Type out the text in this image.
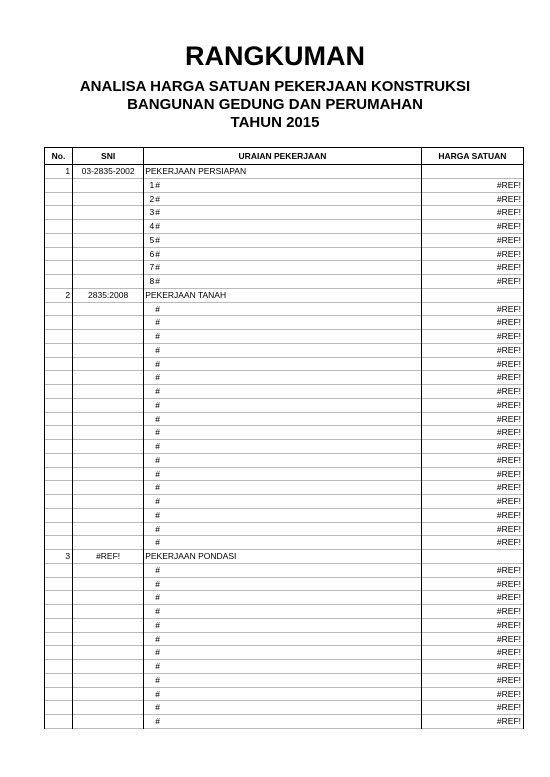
RANGKUMAN
ANALISA HARGA SATUAN PEKERJAAN KONSTRUKSI
BANGUNAN GEDUNG DAN PERUMAHAN
TAHUN 2015
No.	SNI	URAIAN PEKERJAAN	HARGA SATUAN
1	03-2835-2002	PEKERJAAN PERSIAPAN	
		1#	#REF!
		2#	#REF!
		3#	#REF!
		4#	#REF!
		5#	#REF!
		6#	#REF!
		7#	#REF!
		8#	#REF!
2	2835:2008	PEKERJAAN TANAH	
		#	#REF!
		#	#REF!
		#	#REF!
		#	#REF!
		#	#REF!
		#	#REF!
		#	#REF!
		#	#REF!
		#	#REF!
		#	#REF!
		#	#REF!
		#	#REF!
		#	#REF!
		#	#REF!
		#	#REF!
		#	#REF!
		#	#REF!
		#	#REF!
3	#REF!	PEKERJAAN PONDASI	
		#	#REF!
		#	#REF!
		#	#REF!
		#	#REF!
		#	#REF!
		#	#REF!
		#	#REF!
		#	#REF!
		#	#REF!
		#	#REF!
		#	#REF!
		#	#REF!
